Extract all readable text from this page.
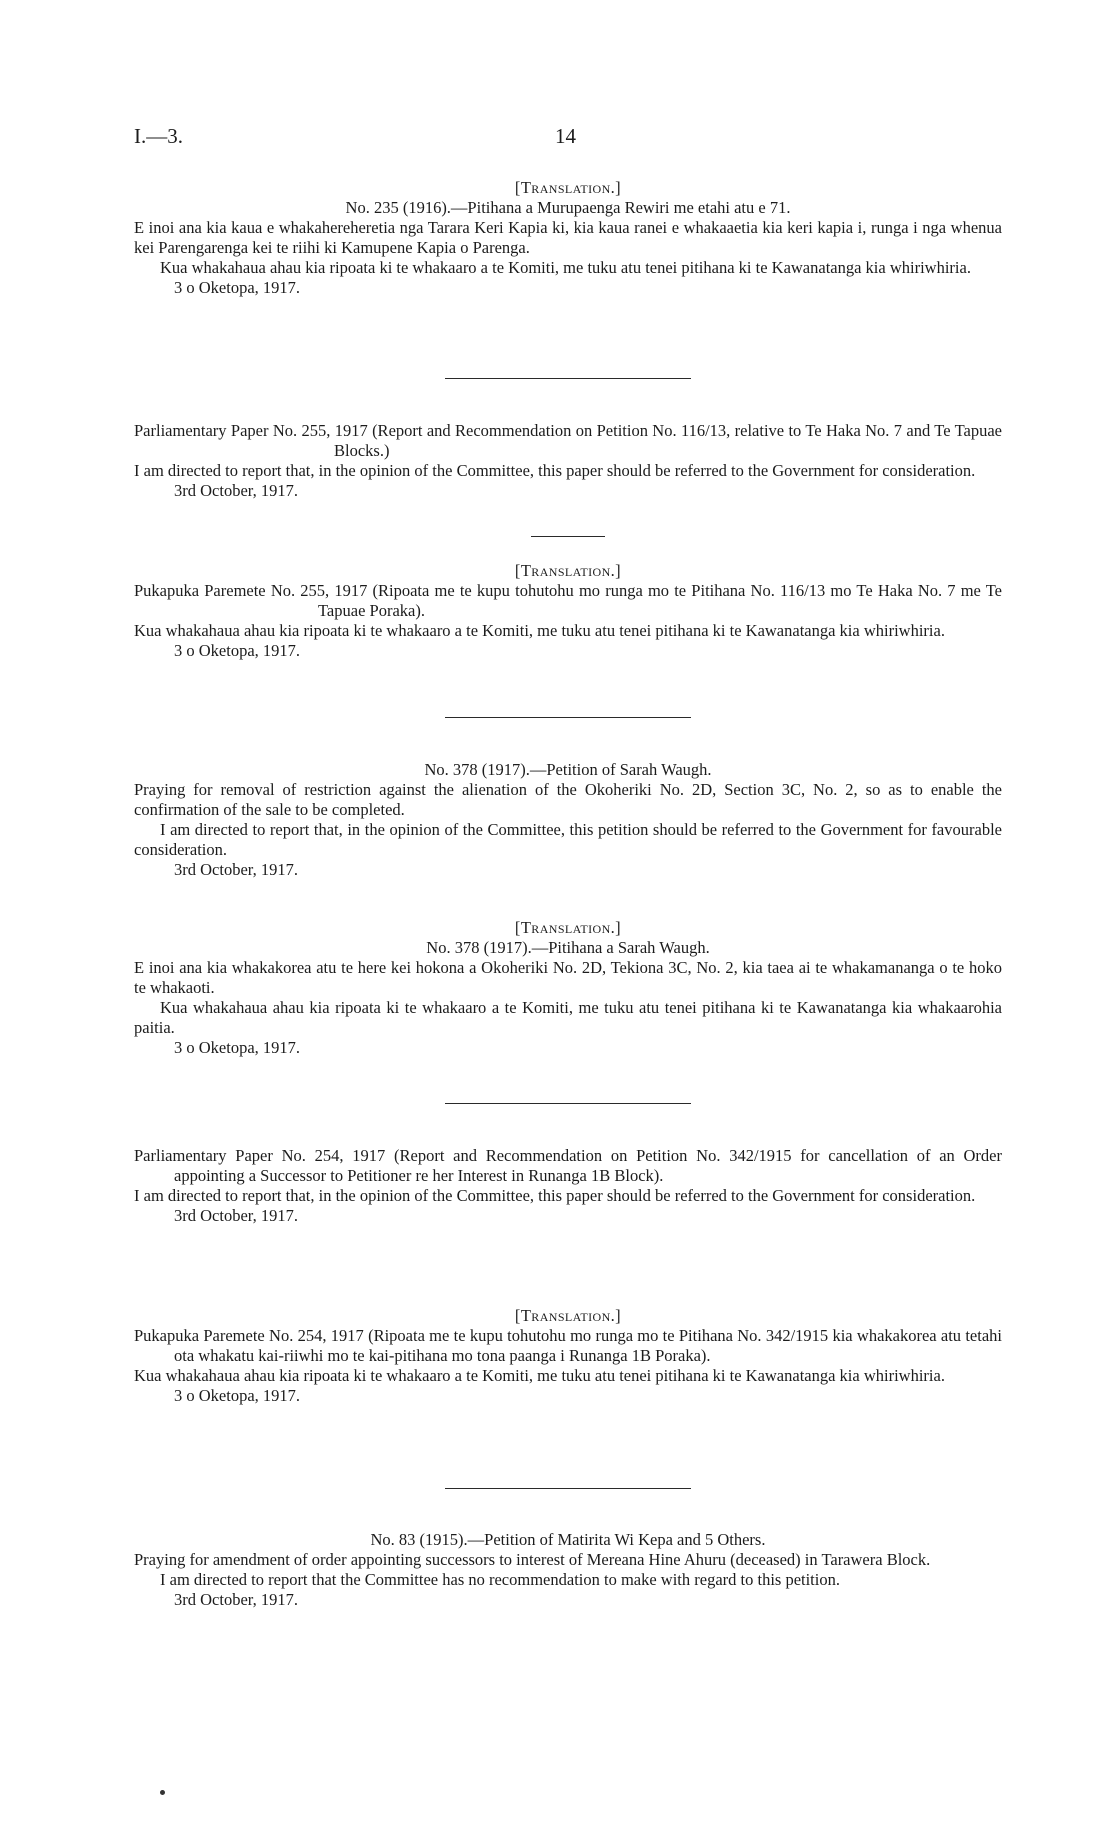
I.—3.	14

[Translation.]

No. 235 (1916).—Pitihana a Murupaenga Rewiri me etahi atu e 71.

E inoi ana kia kaua e whakahereheretia nga Tarara Keri Kapia ki, kia kaua ranei e whakaaetia kia keri kapia i, runga i nga whenua kei Parengarenga kei te riihi ki Kamupene Kapia o Parenga.

Kua whakahaua ahau kia ripoata ki te whakaaro a te Komiti, me tuku atu tenei pitihana ki te Kawanatanga kia whiriwhiria.

3 o Oketopa, 1917.

Parliamentary Paper No. 255, 1917 (Report and Recommendation on Petition No. 116/13, relative to Te Haka No. 7 and Te Tapuae Blocks.)

I am directed to report that, in the opinion of the Committee, this paper should be referred to the Government for consideration.

3rd October, 1917.

[Translation.]

Pukapuka Paremete No. 255, 1917 (Ripoata me te kupu tohutohu mo runga mo te Pitihana No. 116/13 mo Te Haka No. 7 me Te Tapuae Poraka).

Kua whakahaua ahau kia ripoata ki te whakaaro a te Komiti, me tuku atu tenei pitihana ki te Kawanatanga kia whiriwhiria.

3 o Oketopa, 1917.

No. 378 (1917).—Petition of Sarah Waugh.

Praying for removal of restriction against the alienation of the Okoheriki No. 2D, Section 3C, No. 2, so as to enable the confirmation of the sale to be completed.

I am directed to report that, in the opinion of the Committee, this petition should be referred to the Government for favourable consideration.

3rd October, 1917.

[Translation.]

No. 378 (1917).—Pitihana a Sarah Waugh.

E inoi ana kia whakakorea atu te here kei hokona a Okoheriki No. 2D, Tekiona 3C, No. 2, kia taea ai te whakamananga o te hoko te whakaoti.

Kua whakahaua ahau kia ripoata ki te whakaaro a te Komiti, me tuku atu tenei pitihana ki te Kawanatanga kia whakaarohia paitia.

3 o Oketopa, 1917.

Parliamentary Paper No. 254, 1917 (Report and Recommendation on Petition No. 342/1915 for cancellation of an Order appointing a Successor to Petitioner re her Interest in Runanga 1B Block).

I am directed to report that, in the opinion of the Committee, this paper should be referred to the Government for consideration.

3rd October, 1917.

[Translation.]

Pukapuka Paremete No. 254, 1917 (Ripoata me te kupu tohutohu mo runga mo te Pitihana No. 342/1915 kia whakakorea atu tetahi ota whakatu kai-riiwhi mo te kai-pitihana mo tona paanga i Runanga 1B Poraka).

Kua whakahaua ahau kia ripoata ki te whakaaro a te Komiti, me tuku atu tenei pitihana ki te Kawanatanga kia whiriwhiria.

3 o Oketopa, 1917.

No. 83 (1915).—Petition of Matirita Wi Kepa and 5 Others.

Praying for amendment of order appointing successors to interest of Mereana Hine Ahuru (deceased) in Tarawera Block.

I am directed to report that the Committee has no recommendation to make with regard to this petition.

3rd October, 1917.
